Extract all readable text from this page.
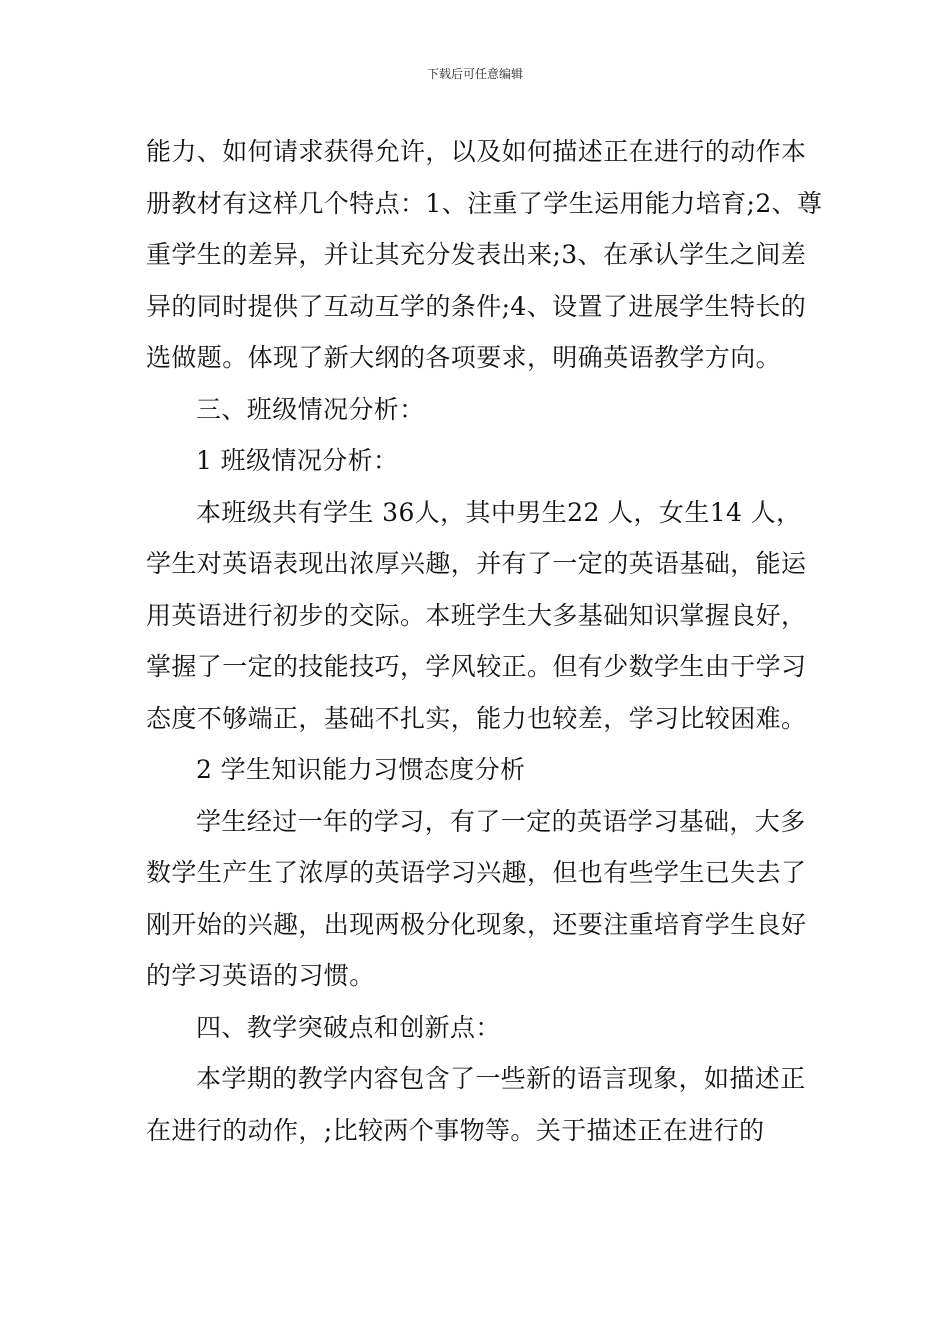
下载后可任意编辑

能力、如何请求获得允许，以及如何描述正在进行的动作本册教材有这样几个特点：1、注重了学生运用能力培育;2、尊重学生的差异，并让其充分发表出来;3、在承认学生之间差异的同时提供了互动互学的条件;4、设置了进展学生特长的选做题。体现了新大纲的各项要求，明确英语教学方向。

三、班级情况分析：

1 班级情况分析：

本班级共有学生 36人，其中男生22 人，女生14 人，学生对英语表现出浓厚兴趣，并有了一定的英语基础，能运用英语进行初步的交际。本班学生大多基础知识掌握良好，掌握了一定的技能技巧，学风较正。但有少数学生由于学习态度不够端正，基础不扎实，能力也较差，学习比较困难。

2 学生知识能力习惯态度分析

学生经过一年的学习，有了一定的英语学习基础，大多数学生产生了浓厚的英语学习兴趣，但也有些学生已失去了刚开始的兴趣，出现两极分化现象，还要注重培育学生良好的学习英语的习惯。

四、教学突破点和创新点：

本学期的教学内容包含了一些新的语言现象，如描述正在进行的动作，;比较两个事物等。关于描述正在进行的
